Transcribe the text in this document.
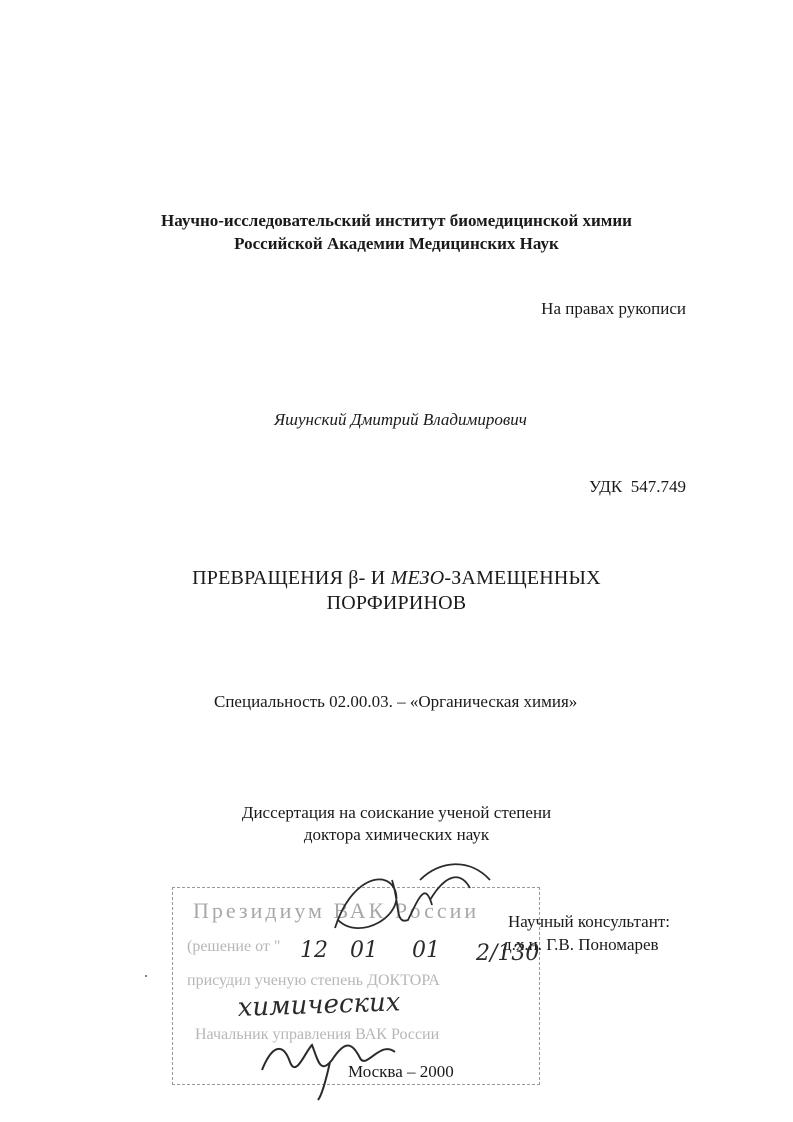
Научно-исследовательский институт биомедицинской химии
Российской Академии Медицинских Наук
На правах рукописи
Яшунский Дмитрий Владимирович
УДК  547.749
ПРЕВРАЩЕНИЯ β- И МЕЗО-ЗАМЕЩЕННЫХ
ПОРФИРИНОВ
Специальность 02.00.03. – «Органическая химия»
Диссертация на соискание ученой степени
доктора химических наук
Президиум ВАК России
(решение от "
присудил ученую степень ДОКТОРА
Начальник управления ВАК России
Научный консультант:
д.х.н. Г.В. Пономарев
Москва – 2000
12 01 01 2/130
химических
